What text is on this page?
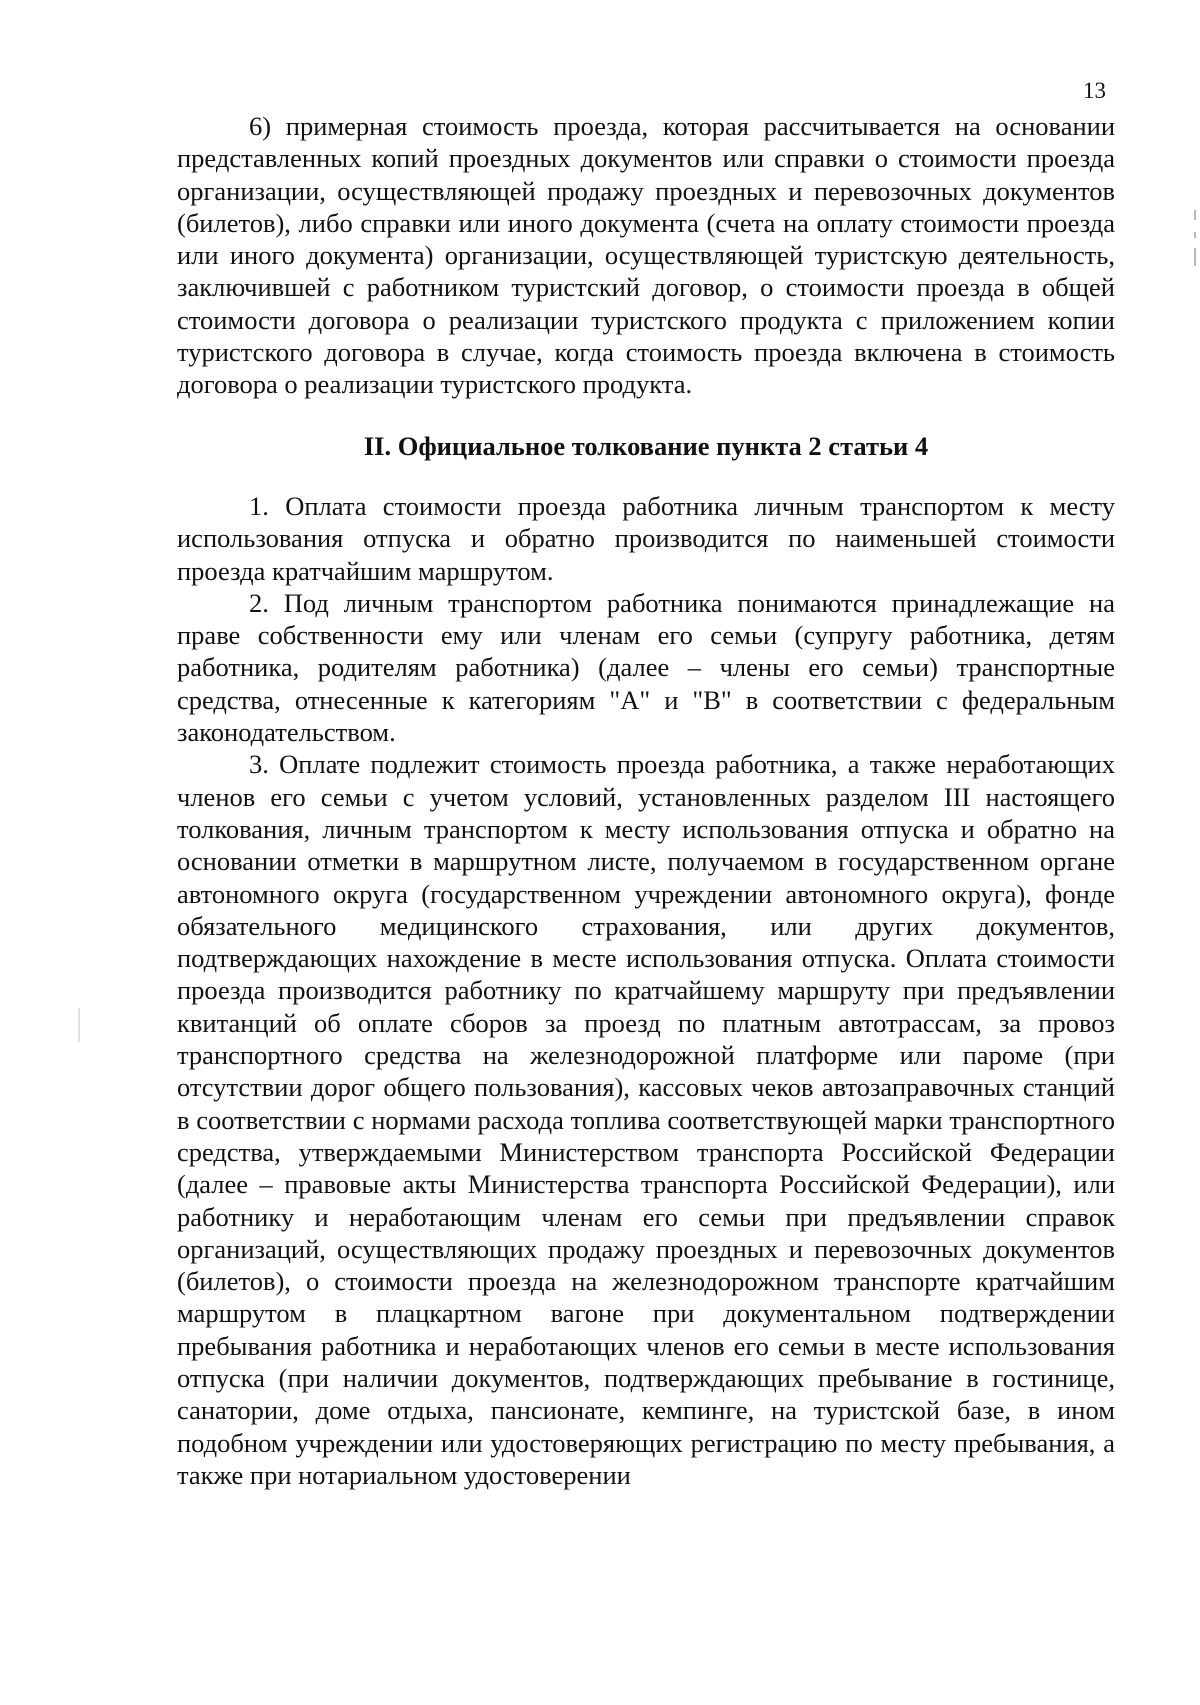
13

6) примерная стоимость проезда, которая рассчитывается на основании представленных копий проездных документов или справки о стоимости проезда организации, осуществляющей продажу проездных и перевозочных документов (билетов), либо справки или иного документа (счета на оплату стоимости проезда или иного документа) организации, осуществляющей туристскую деятельность, заключившей с работником туристский договор, о стоимости проезда в общей стоимости договора о реализации туристского продукта с приложением копии туристского договора в случае, когда стоимость проезда включена в стоимость договора о реализации туристского продукта.

II. Официальное толкование пункта 2 статьи 4

1. Оплата стоимости проезда работника личным транспортом к месту использования отпуска и обратно производится по наименьшей стоимости проезда кратчайшим маршрутом.

2. Под личным транспортом работника понимаются принадлежащие на праве собственности ему или членам его семьи (супругу работника, детям работника, родителям работника) (далее – члены его семьи) транспортные средства, отнесенные к категориям "А" и "В" в соответствии с федеральным законодательством.

3. Оплате подлежит стоимость проезда работника, а также неработающих членов его семьи с учетом условий, установленных разделом III настоящего толкования, личным транспортом к месту использования отпуска и обратно на основании отметки в маршрутном листе, получаемом в государственном органе автономного округа (государственном учреждении автономного округа), фонде обязательного медицинского страхования, или других документов, подтверждающих нахождение в месте использования отпуска. Оплата стоимости проезда производится работнику по кратчайшему маршруту при предъявлении квитанций об оплате сборов за проезд по платным автотрассам, за провоз транспортного средства на железнодорожной платформе или пароме (при отсутствии дорог общего пользования), кассовых чеков автозаправочных станций в соответствии с нормами расхода топлива соответствующей марки транспортного средства, утверждаемыми Министерством транспорта Российской Федерации (далее – правовые акты Министерства транспорта Российской Федерации), или работнику и неработающим членам его семьи при предъявлении справок организаций, осуществляющих продажу проездных и перевозочных документов (билетов), о стоимости проезда на железнодорожном транспорте кратчайшим маршрутом в плацкартном вагоне при документальном подтверждении пребывания работника и неработающих членов его семьи в месте использования отпуска (при наличии документов, подтверждающих пребывание в гостинице, санатории, доме отдыха, пансионате, кемпинге, на туристской базе, в ином подобном учреждении или удостоверяющих регистрацию по месту пребывания, а также при нотариальном удостоверении
